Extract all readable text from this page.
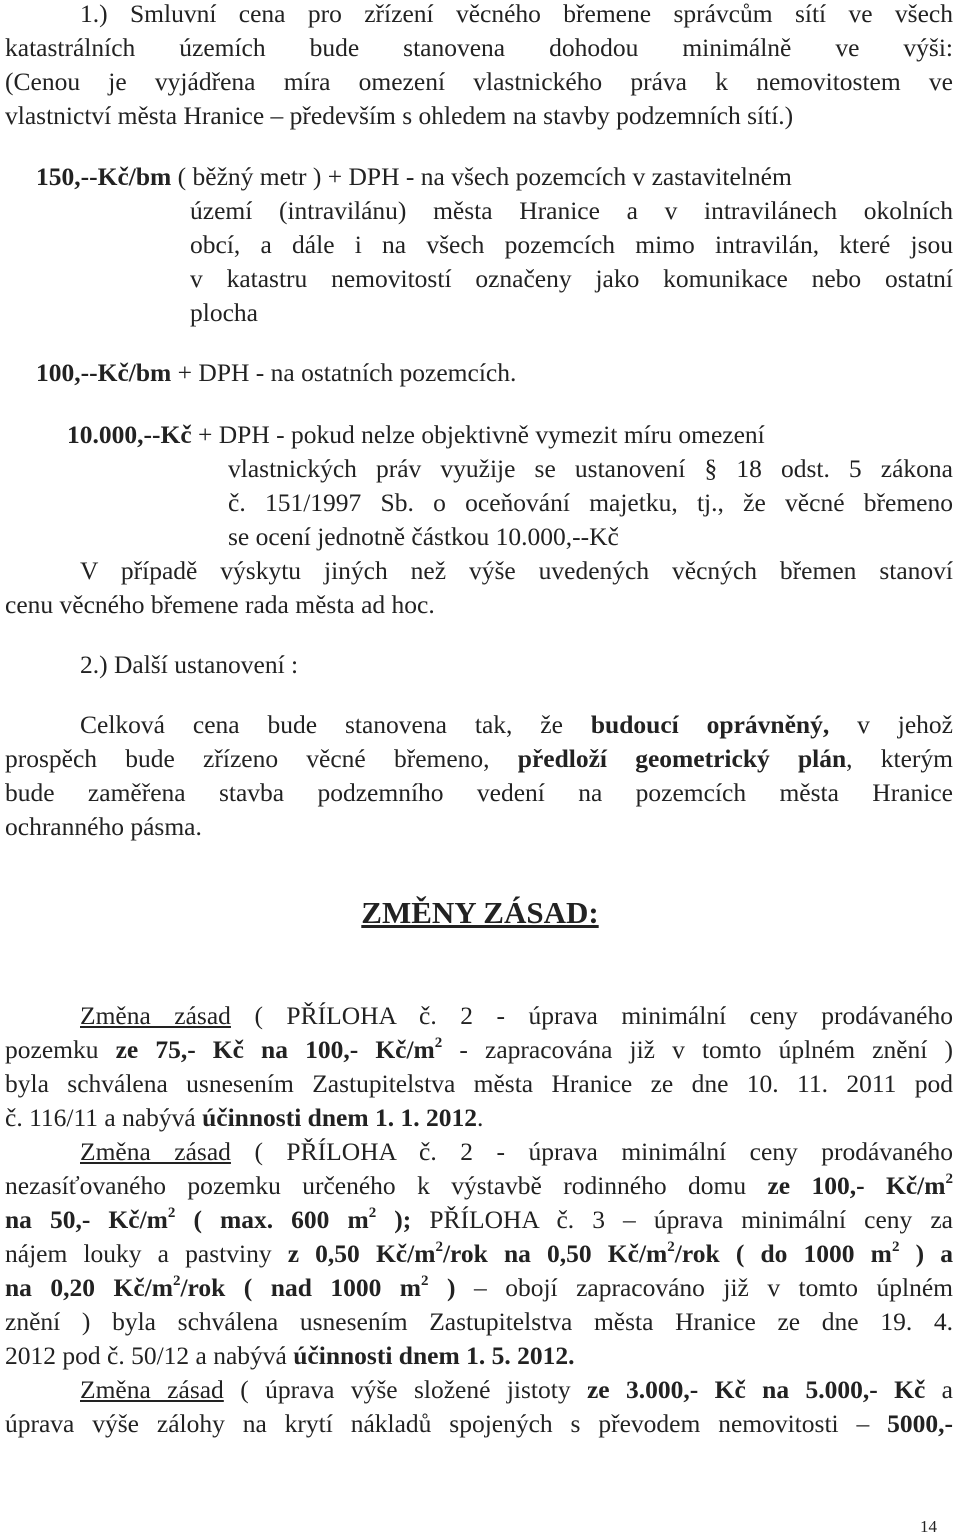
1.) Smluvní cena pro zřízení věcného břemene správcům sítí ve všech
katastrálních územích bude stanovena dohodou minimálně ve výši:
(Cenou je vyjádřena míra omezení vlastnického práva k nemovitostem ve
vlastnictví města Hranice – především s ohledem na stavby podzemních sítí.)
150,--Kč/bm ( běžný metr ) + DPH - na všech pozemcích v zastavitelném
území (intravilánu) města Hranice a v intravilánech okolních
obcí, a dále i na všech pozemcích mimo intravilán, které jsou
v katastru nemovitostí označeny jako komunikace nebo ostatní
plocha
100,--Kč/bm + DPH - na ostatních pozemcích.
10.000,--Kč + DPH - pokud nelze objektivně vymezit míru omezení
vlastnických práv využije se ustanovení § 18 odst. 5 zákona
č. 151/1997 Sb. o oceňování majetku, tj., že věcné břemeno
se ocení jednotně částkou 10.000,--Kč
V případě výskytu jiných než výše uvedených věcných břemen stanoví
cenu věcného břemene rada města ad hoc.
2.) Další ustanovení :
Celková cena bude stanovena tak, že budoucí oprávněný, v jehož
prospěch bude zřízeno věcné břemeno, předloží geometrický plán, kterým
bude zaměřena stavba podzemního vedení na pozemcích města Hranice
ochranného pásma.
ZMĚNY ZÁSAD:
Změna zásad ( PŘÍLOHA č. 2 - úprava minimální ceny prodávaného
pozemku ze 75,- Kč na 100,- $Kč/m^2$ - zapracována již v tomto úplném znění )
byla schválena usnesením Zastupitelstva města Hranice ze dne 10. 11. 2011 pod
č. 116/11 a nabývá účinnosti dnem 1. 1. 2012.
Změna zásad ( PŘÍLOHA č. 2 - úprava minimální ceny prodávaného
nezasíťovaného pozemku určeného k výstavbě rodinného domu ze 100,- $Kč/m^2$
na 50,- $Kč/m^2$ ( max. 600 $m^2$ ); PŘÍLOHA č. 3 – úprava minimální ceny za
nájem louky a pastviny z 0,50 $Kč/m^2$/rok na 0,50 $Kč/m^2$/rok ( do 1000 $m^2$ ) a
na 0,20 $Kč/m^2$/rok ( nad 1000 $m^2$ ) – obojí zapracováno již v tomto úplném
znění ) byla schválena usnesením Zastupitelstva města Hranice ze dne 19. 4.
2012 pod č. 50/12 a nabývá účinnosti dnem 1. 5. 2012.
Změna zásad ( úprava výše složené jistoty ze 3.000,- Kč na 5.000,- Kč a
úprava výše zálohy na krytí nákladů spojených s převodem nemovitosti – 5000,-
14
